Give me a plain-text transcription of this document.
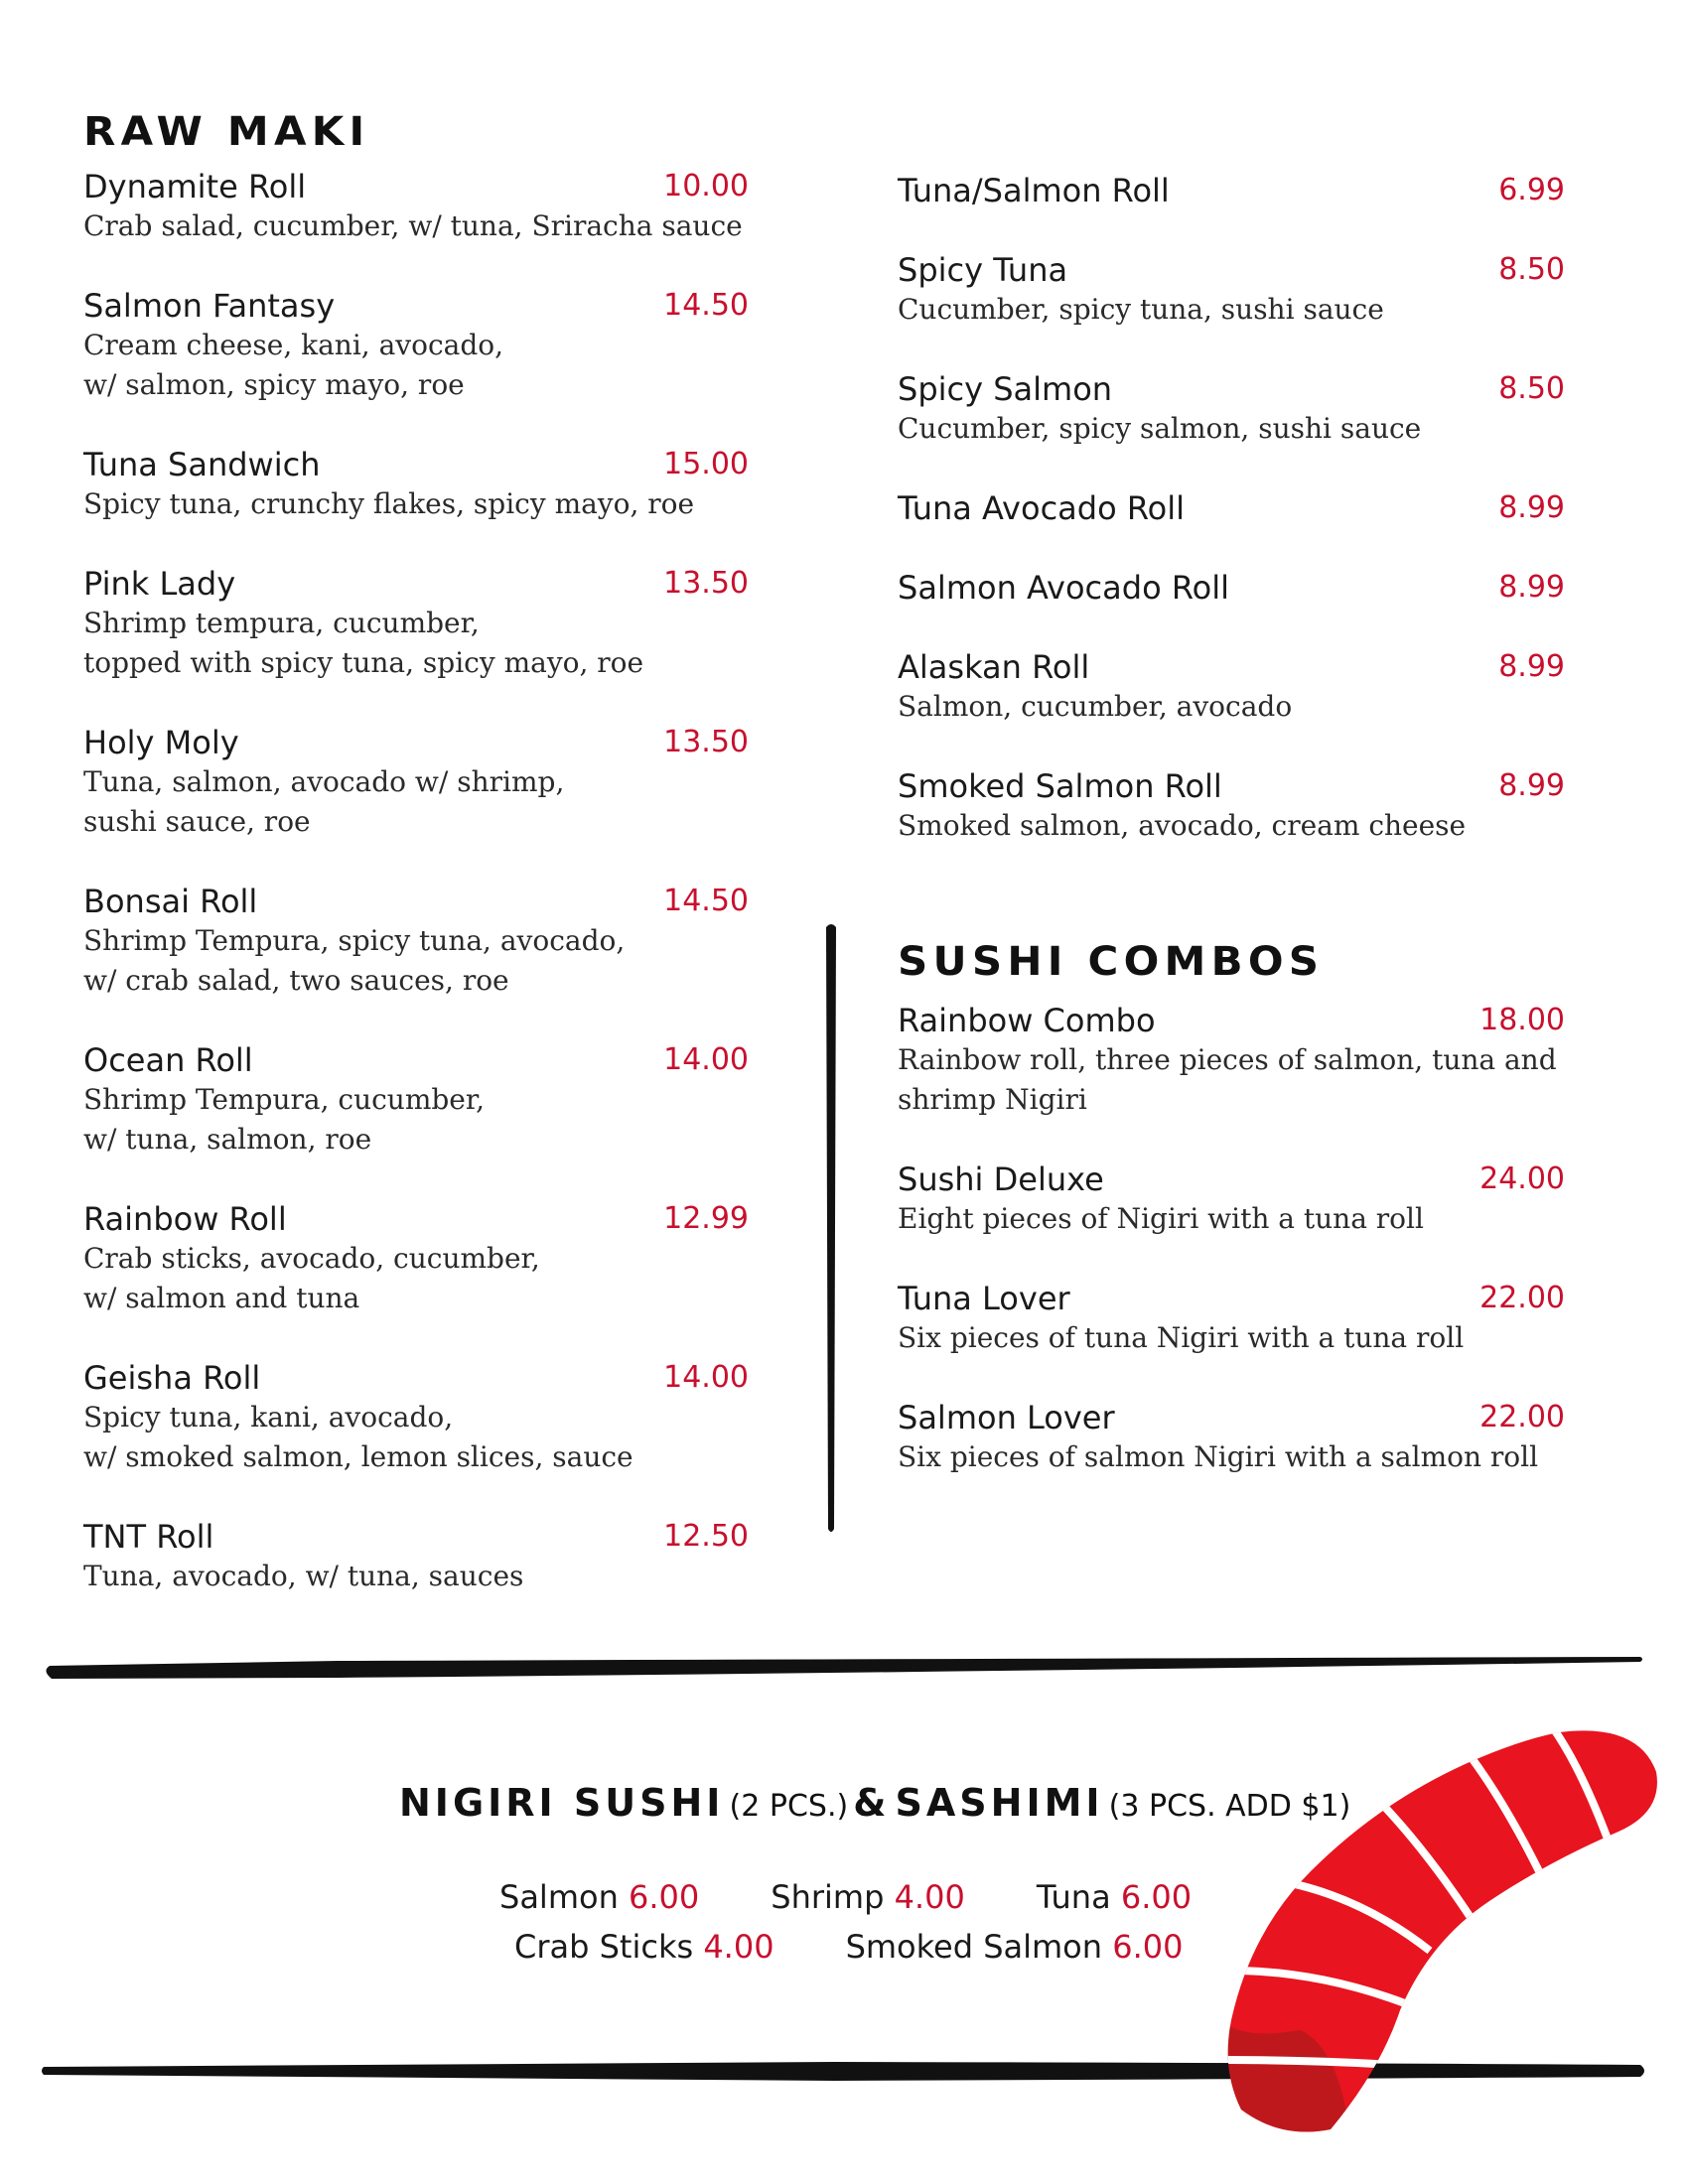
RAW MAKI
Dynamite Roll	10.00
Crab salad, cucumber, w/ tuna, Sriracha sauce
Salmon Fantasy	14.50
Cream cheese, kani, avocado,
w/ salmon, spicy mayo, roe
Tuna Sandwich	15.00
Spicy tuna, crunchy flakes, spicy mayo, roe
Pink Lady	13.50
Shrimp tempura, cucumber,
topped with spicy tuna, spicy mayo, roe
Holy Moly	13.50
Tuna, salmon, avocado w/ shrimp,
sushi sauce, roe
Bonsai Roll	14.50
Shrimp Tempura, spicy tuna, avocado,
w/ crab salad, two sauces, roe
Ocean Roll	14.00
Shrimp Tempura, cucumber,
w/ tuna, salmon, roe
Rainbow Roll	12.99
Crab sticks, avocado, cucumber,
w/ salmon and tuna
Geisha Roll	14.00
Spicy tuna, kani, avocado,
w/ smoked salmon, lemon slices, sauce
TNT Roll	12.50
Tuna, avocado, w/ tuna, sauces
Tuna/Salmon Roll	6.99
Spicy Tuna	8.50
Cucumber, spicy tuna, sushi sauce
Spicy Salmon	8.50
Cucumber, spicy salmon, sushi sauce
Tuna Avocado Roll	8.99
Salmon Avocado Roll	8.99
Alaskan Roll	8.99
Salmon, cucumber, avocado
Smoked Salmon Roll	8.99
Smoked salmon, avocado, cream cheese
SUSHI COMBOS
Rainbow Combo	18.00
Rainbow roll, three pieces of salmon, tuna and
shrimp Nigiri
Sushi Deluxe	24.00
Eight pieces of Nigiri with a tuna roll
Tuna Lover	22.00
Six pieces of tuna Nigiri with a tuna roll
Salmon Lover	22.00
Six pieces of salmon Nigiri with a salmon roll
NIGIRI SUSHI (2 PCS.) & SASHIMI (3 PCS. ADD $1)
Salmon 6.00 Shrimp 4.00 Tuna 6.00
Crab Sticks 4.00 Smoked Salmon 6.00
